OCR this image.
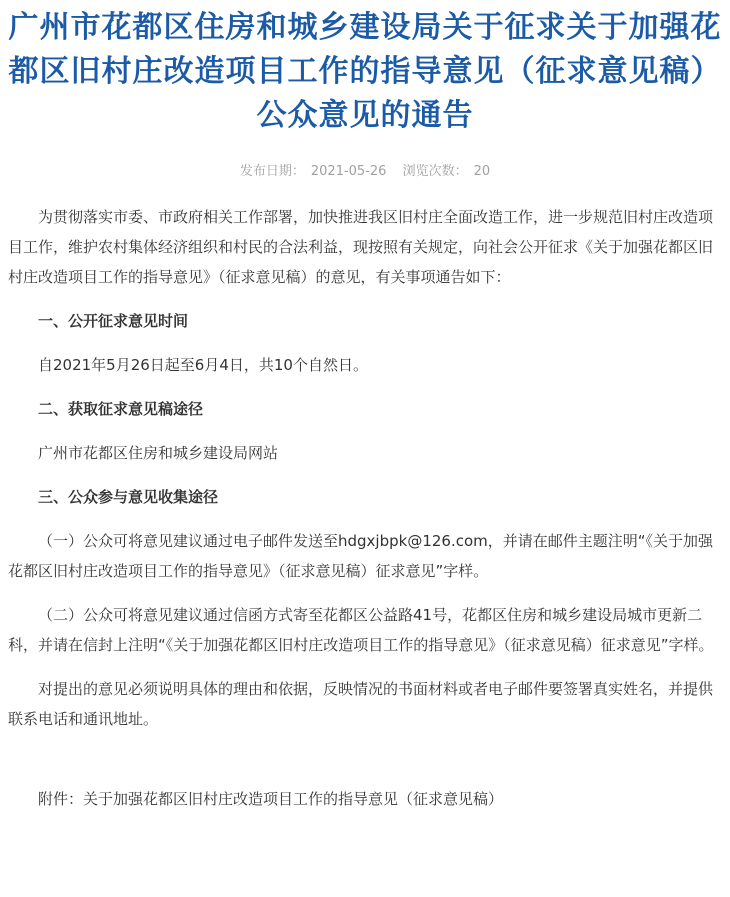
广州市花都区住房和城乡建设局关于征求关于加强花都区旧村庄改造项目工作的指导意见（征求意见稿）公众意见的通告
发布日期： 2021-05-26 浏览次数： 20

为贯彻落实市委、市政府相关工作部署，加快推进我区旧村庄全面改造工作，进一步规范旧村庄改造项目工作，维护农村集体经济组织和村民的合法利益，现按照有关规定，向社会公开征求《关于加强花都区旧村庄改造项目工作的指导意见》（征求意见稿）的意见，有关事项通告如下：

一、公开征求意见时间

自2021年5月26日起至6月4日，共10个自然日。

二、获取征求意见稿途径

广州市花都区住房和城乡建设局网站

三、公众参与意见收集途径

（一）公众可将意见建议通过电子邮件发送至hdgxjbpk@126.com，并请在邮件主题注明“《关于加强花都区旧村庄改造项目工作的指导意见》（征求意见稿）征求意见”字样。

（二）公众可将意见建议通过信函方式寄至花都区公益路41号，花都区住房和城乡建设局城市更新二科，并请在信封上注明“《关于加强花都区旧村庄改造项目工作的指导意见》（征求意见稿）征求意见”字样。

对提出的意见必须说明具体的理由和依据，反映情况的书面材料或者电子邮件要签署真实姓名，并提供联系电话和通讯地址。

附件：关于加强花都区旧村庄改造项目工作的指导意见（征求意见稿）
